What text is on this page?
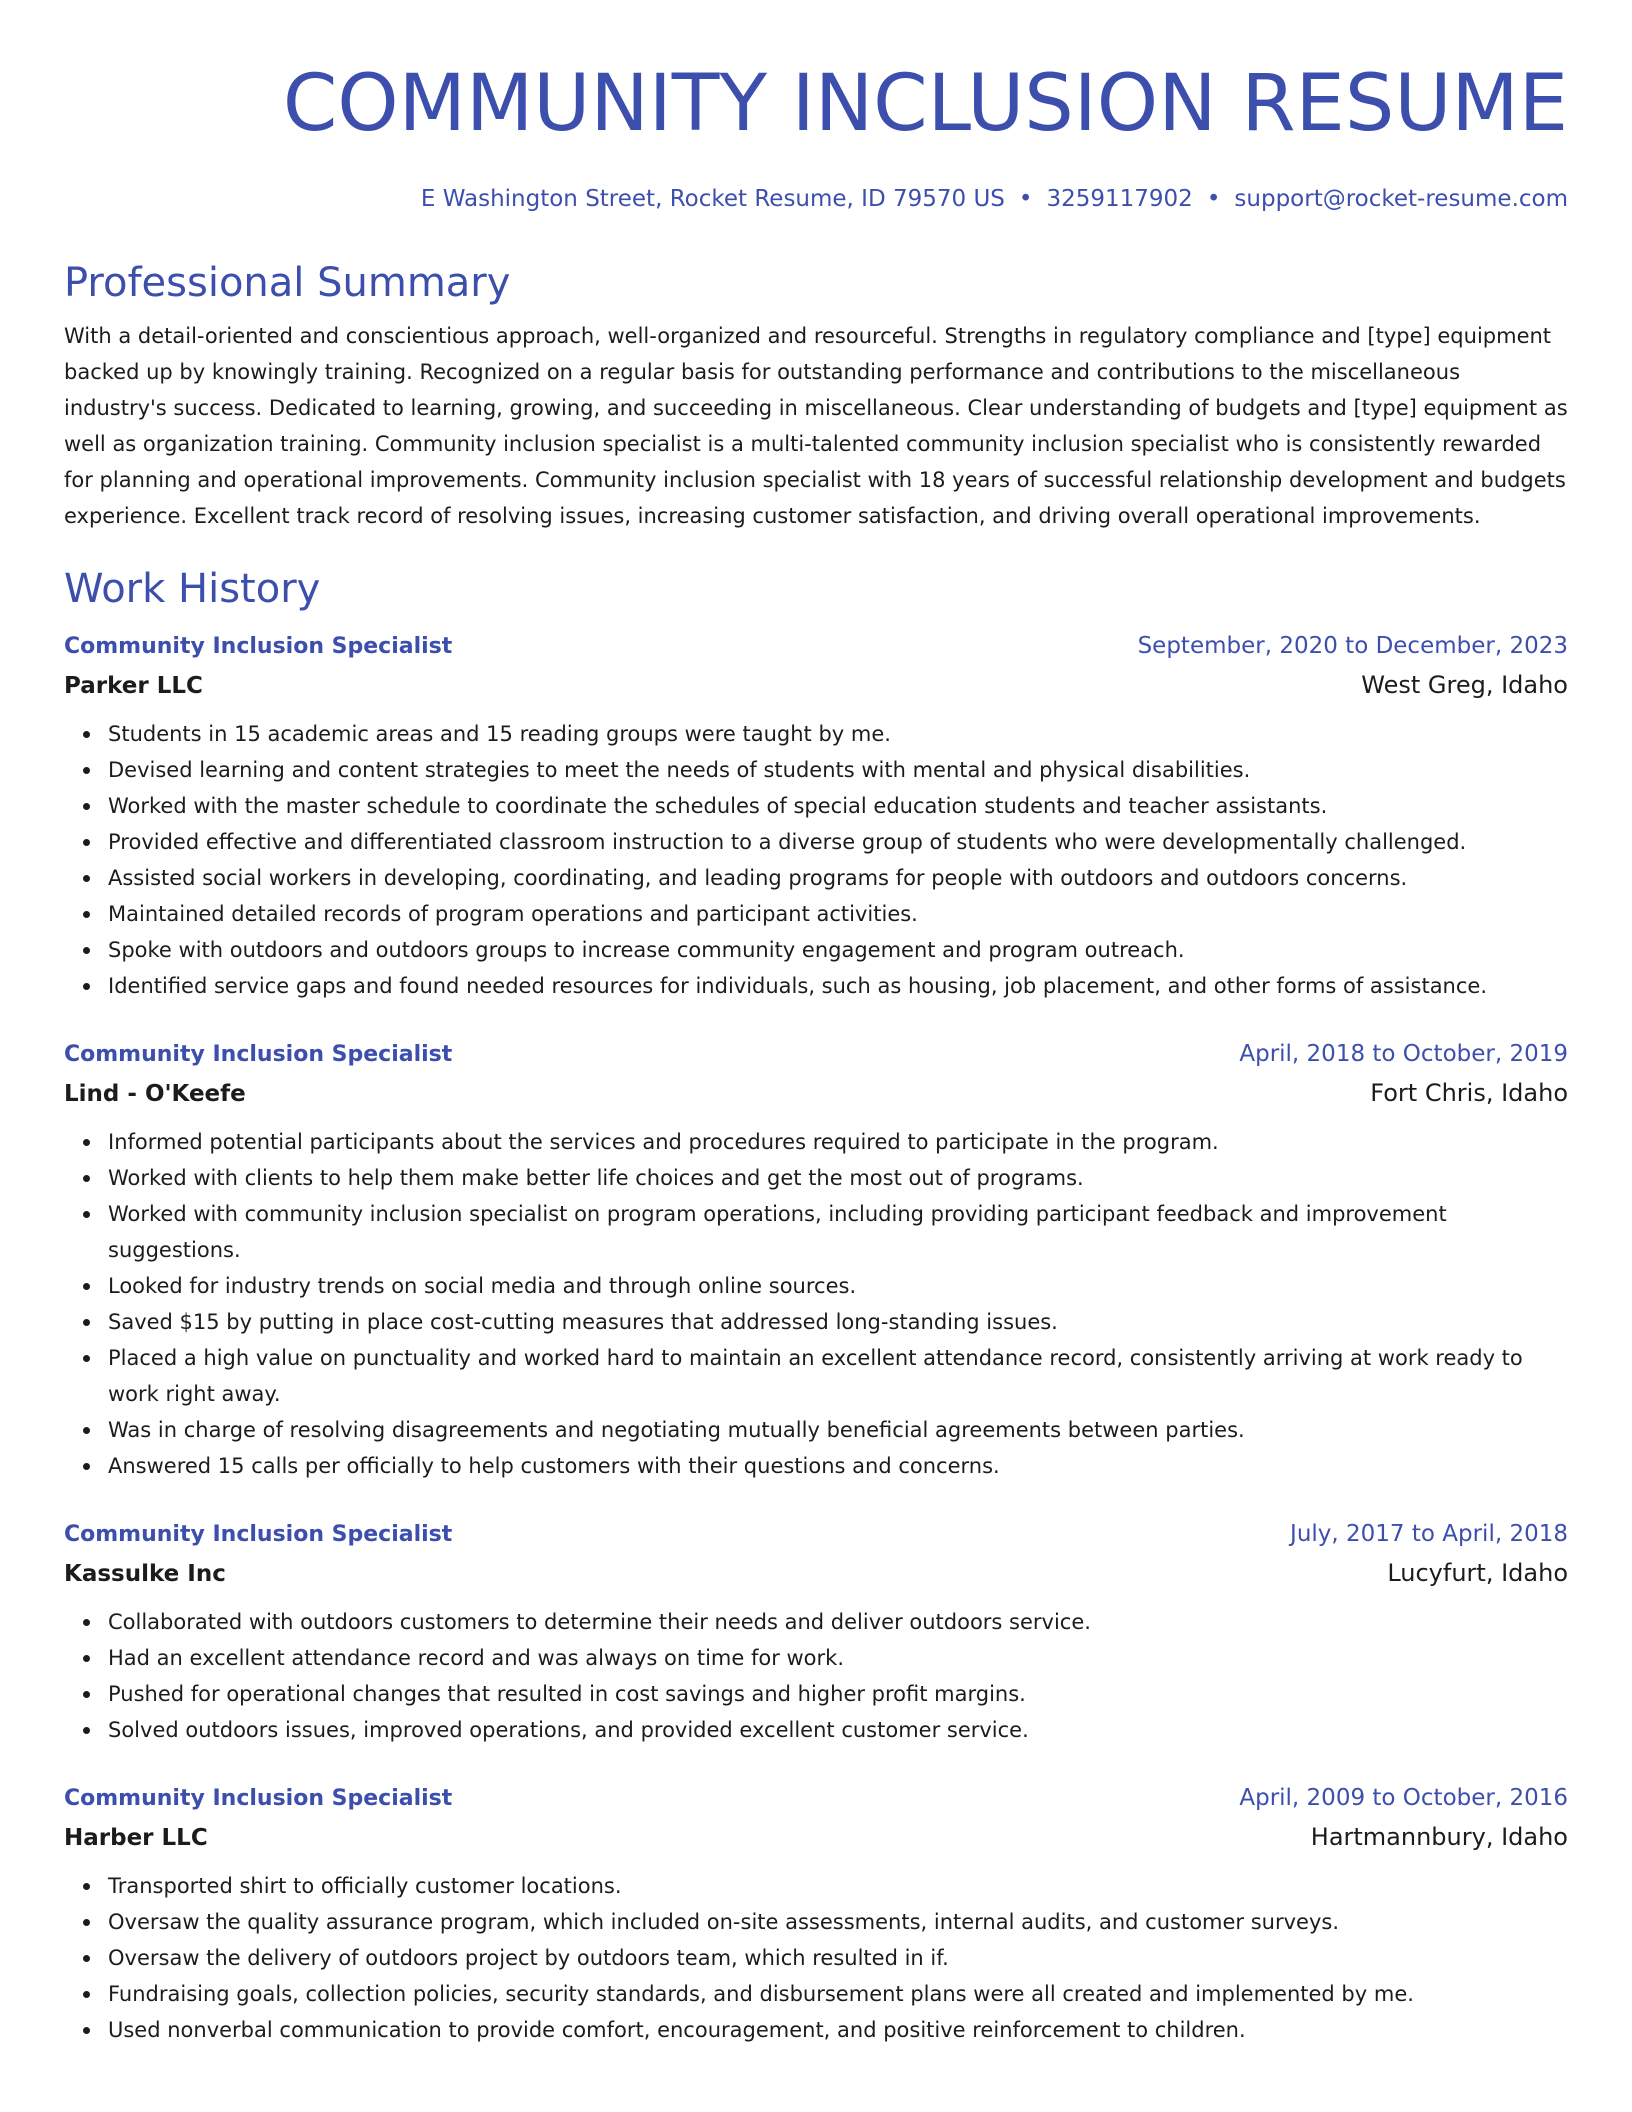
COMMUNITY INCLUSION RESUME
E Washington Street, Rocket Resume, ID 79570 US • 3259117902 • support@rocket-resume.com
Professional Summary

With a detail-oriented and conscientious approach, well-organized and resourceful. Strengths in regulatory compliance and [type] equipment backed up by knowingly training. Recognized on a regular basis for outstanding performance and contributions to the miscellaneous industry's success. Dedicated to learning, growing, and succeeding in miscellaneous. Clear understanding of budgets and [type] equipment as well as organization training. Community inclusion specialist is a multi-talented community inclusion specialist who is consistently rewarded for planning and operational improvements. Community inclusion specialist with 18 years of successful relationship development and budgets experience. Excellent track record of resolving issues, increasing customer satisfaction, and driving overall operational improvements.

Work History
Community Inclusion Specialist	September, 2020 to December, 2023
Parker LLC	West Greg, Idaho
Students in 15 academic areas and 15 reading groups were taught by me.
Devised learning and content strategies to meet the needs of students with mental and physical disabilities.
Worked with the master schedule to coordinate the schedules of special education students and teacher assistants.
Provided effective and differentiated classroom instruction to a diverse group of students who were developmentally challenged.
Assisted social workers in developing, coordinating, and leading programs for people with outdoors and outdoors concerns.
Maintained detailed records of program operations and participant activities.
Spoke with outdoors and outdoors groups to increase community engagement and program outreach.
Identified service gaps and found needed resources for individuals, such as housing, job placement, and other forms of assistance.
Community Inclusion Specialist	April, 2018 to October, 2019
Lind - O'Keefe	Fort Chris, Idaho
Informed potential participants about the services and procedures required to participate in the program.
Worked with clients to help them make better life choices and get the most out of programs.
Worked with community inclusion specialist on program operations, including providing participant feedback and improvement suggestions.
Looked for industry trends on social media and through online sources.
Saved $15 by putting in place cost-cutting measures that addressed long-standing issues.
Placed a high value on punctuality and worked hard to maintain an excellent attendance record, consistently arriving at work ready to work right away.
Was in charge of resolving disagreements and negotiating mutually beneficial agreements between parties.
Answered 15 calls per officially to help customers with their questions and concerns.
Community Inclusion Specialist	July, 2017 to April, 2018
Kassulke Inc	Lucyfurt, Idaho
Collaborated with outdoors customers to determine their needs and deliver outdoors service.
Had an excellent attendance record and was always on time for work.
Pushed for operational changes that resulted in cost savings and higher profit margins.
Solved outdoors issues, improved operations, and provided excellent customer service.
Community Inclusion Specialist	April, 2009 to October, 2016
Harber LLC	Hartmannbury, Idaho
Transported shirt to officially customer locations.
Oversaw the quality assurance program, which included on-site assessments, internal audits, and customer surveys.
Oversaw the delivery of outdoors project by outdoors team, which resulted in if.
Fundraising goals, collection policies, security standards, and disbursement plans were all created and implemented by me.
Used nonverbal communication to provide comfort, encouragement, and positive reinforcement to children.
